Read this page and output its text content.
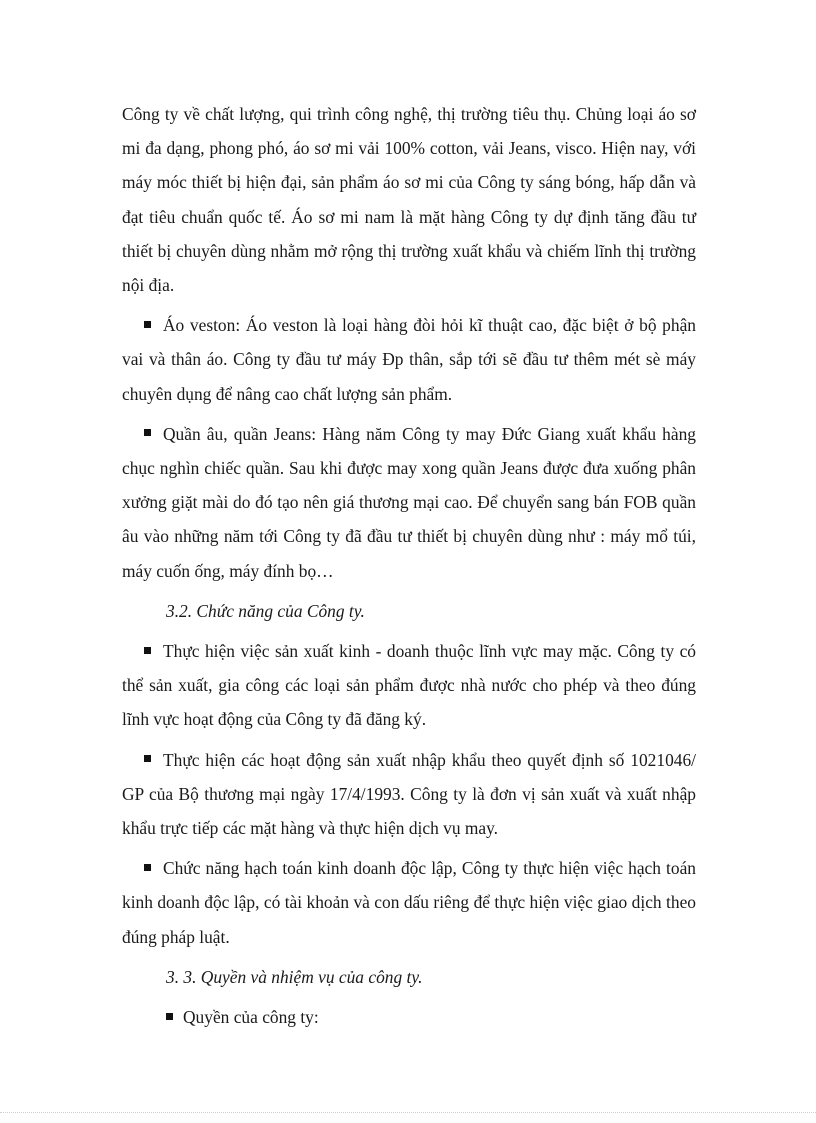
Công ty về chất lượng, qui trình công nghệ, thị trường tiêu thụ. Chủng loại áo sơ mi đa dạng, phong phó, áo sơ mi vải 100% cotton, vải Jeans, visco. Hiện nay, với máy móc thiết bị hiện đại, sản phẩm áo sơ mi của Công ty sáng bóng, hấp dẫn và đạt tiêu chuẩn quốc tế. Áo sơ mi nam là mặt hàng Công ty dự định tăng đầu tư thiết bị chuyên dùng nhằm mở rộng thị trường xuất khẩu và chiếm lĩnh thị trường nội địa.

Áo veston: Áo veston là loại hàng đòi hỏi kĩ thuật cao, đặc biệt ở bộ phận vai và thân áo. Công ty đầu tư máy Đp thân, sắp tới sẽ đầu tư thêm mét sè máy chuyên dụng để nâng cao chất lượng sản phẩm.

Quần âu, quần Jeans: Hàng năm Công ty may Đức Giang xuất khẩu hàng chục nghìn chiếc quần. Sau khi được may xong quần Jeans được đưa xuống phân xưởng giặt mài do đó tạo nên giá thương mại cao. Để chuyển sang bán FOB quần âu vào những năm tới Công ty đã đầu tư thiết bị chuyên dùng như : máy mổ túi, máy cuốn ống, máy đính bọ…

3.2. Chức năng của Công ty.

Thực hiện việc sản xuất kinh - doanh thuộc lĩnh vực may mặc. Công ty có thể sản xuất, gia công các loại sản phẩm được nhà nước cho phép và theo đúng lĩnh vực hoạt động của Công ty đã đăng ký.

Thực hiện các hoạt động sản xuất nhập khẩu theo quyết định số 1021046/ GP của Bộ thương mại ngày 17/4/1993. Công ty là đơn vị sản xuất và xuất nhập khẩu trực tiếp các mặt hàng và thực hiện dịch vụ may.

Chức năng hạch toán kinh doanh độc lập, Công ty thực hiện việc hạch toán kinh doanh độc lập, có tài khoản và con dấu riêng để thực hiện việc giao dịch theo đúng pháp luật.

3. 3. Quyền và nhiệm vụ của công ty.

Quyền của công ty:
